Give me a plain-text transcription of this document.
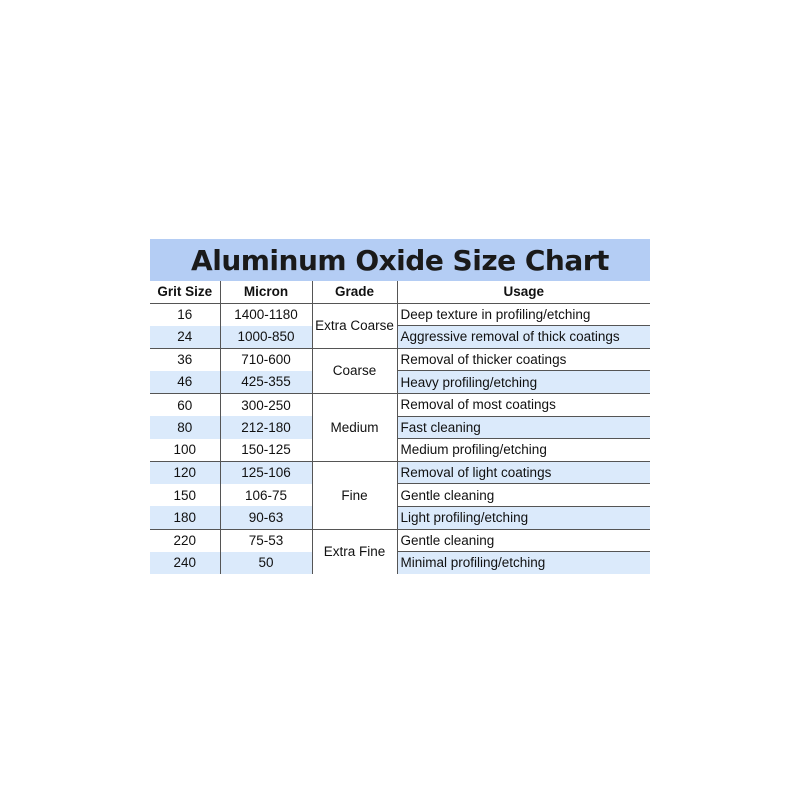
Aluminum Oxide Size Chart
Grit Size	Micron	Grade	Usage
16	1400-1180	Extra Coarse	Deep texture in profiling/etching
24	1000-850		Aggressive removal of thick coatings
36	710-600	Coarse	Removal of thicker coatings
46	425-355		Heavy profiling/etching
60	300-250	Medium	Removal of most coatings
80	212-180		Fast cleaning
100	150-125		Medium profiling/etching
120	125-106	Fine	Removal of light coatings
150	106-75		Gentle cleaning
180	90-63		Light profiling/etching
220	75-53	Extra Fine	Gentle cleaning
240	50		Minimal profiling/etching
